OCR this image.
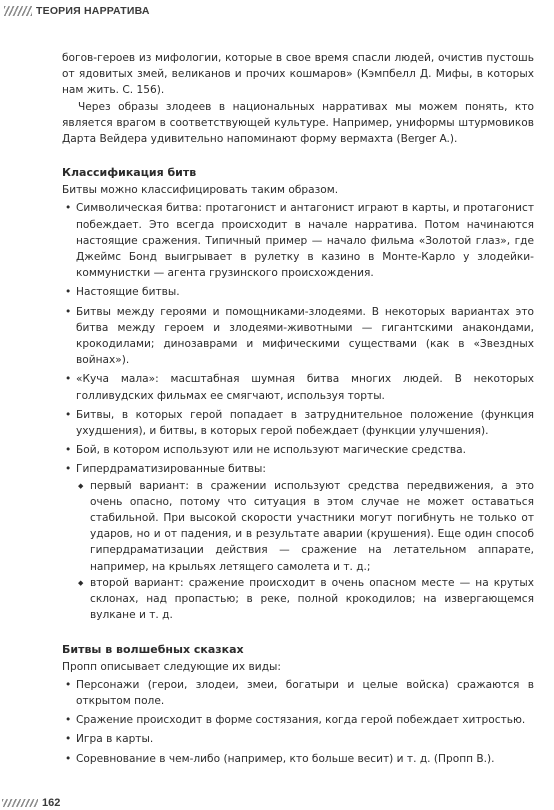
ТЕОРИЯ НАРРАТИВА

богов-героев из мифологии, которые в свое время спасли людей, очистив пустошь от ядовитых змей, великанов и прочих кошмаров» (Кэмпбелл Д. Мифы, в которых нам жить. С. 156).

Через образы злодеев в национальных нарративах мы можем понять, кто является врагом в соответствующей культуре. Например, униформы штурмовиков Дарта Вейдера удивительно напоминают форму вермахта (Berger A.).

Классификация битв

Битвы можно классифицировать таким образом.

• Символическая битва: протагонист и антагонист играют в карты, и протагонист побеждает. Это всегда происходит в начале нарратива. Потом начинаются настоящие сражения. Типичный пример — начало фильма «Золотой глаз», где Джеймс Бонд выигрывает в рулетку в казино в Монте-Карло у злодейки-коммунистки — агента грузинского происхождения.
• Настоящие битвы.
• Битвы между героями и помощниками-злодеями. В некоторых вариантах это битва между героем и злодеями-животными — гигантскими анакондами, крокодилами; динозаврами и мифическими существами (как в «Звездных войнах»).
• «Куча мала»: масштабная шумная битва многих людей. В некоторых голливудских фильмах ее смягчают, используя торты.
• Битвы, в которых герой попадает в затруднительное положение (функция ухудшения), и битвы, в которых герой побеждает (функции улучшения).
• Бой, в котором используют или не используют магические средства.
• Гипердраматизированные битвы:
◆ первый вариант: в сражении используют средства передвижения, а это очень опасно, потому что ситуация в этом случае не может оставаться стабильной. При высокой скорости участники могут погибнуть не только от ударов, но и от падения, и в результате аварии (крушения). Еще один способ гипердраматизации действия — сражение на летательном аппарате, например, на крыльях летящего самолета и т. д.;
◆ второй вариант: сражение происходит в очень опасном месте — на крутых склонах, над пропастью; в реке, полной крокодилов; на извергающемся вулкане и т. д.
Битвы в волшебных сказках

Пропп описывает следующие их виды:

• Персонажи (герои, злодеи, змеи, богатыри и целые войска) сражаются в открытом поле.
• Сражение происходит в форме состязания, когда герой побеждает хитростью.
• Игра в карты.
• Соревнование в чем-либо (например, кто больше весит) и т. д. (Пропп В.).
162
